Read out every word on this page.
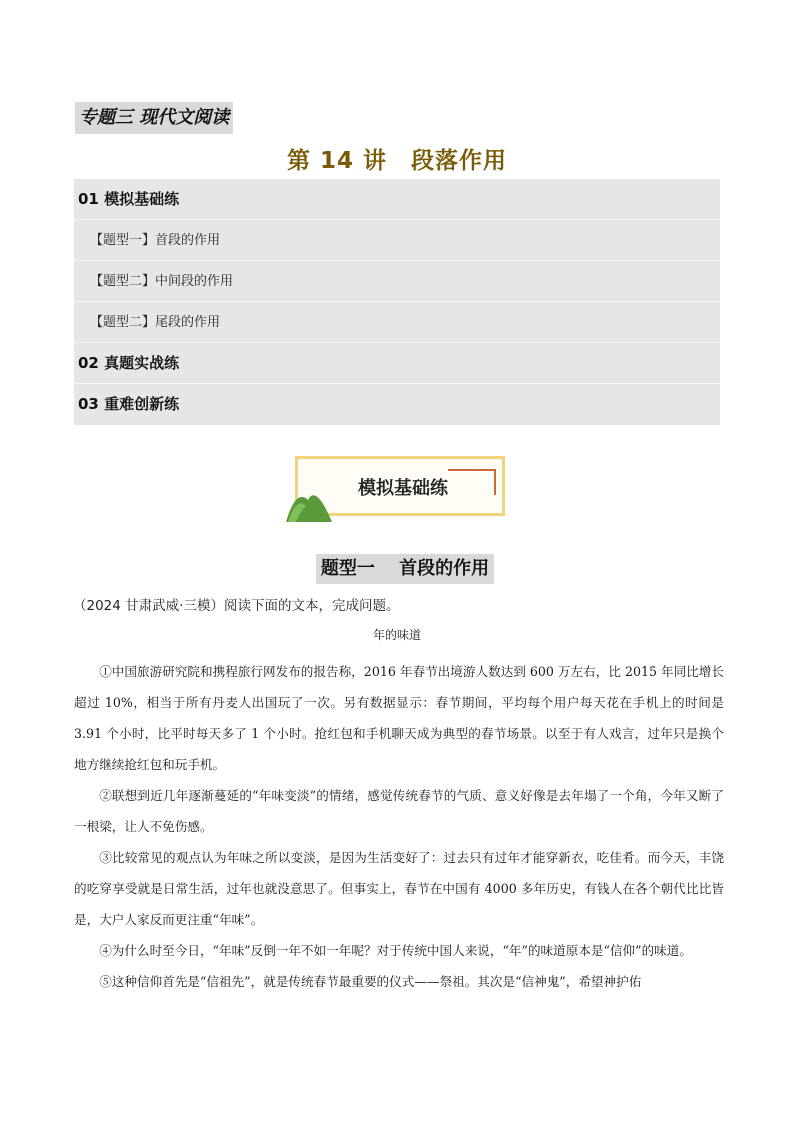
专题三 现代文阅读
第 14 讲　段落作用
01 模拟基础练
【题型一】首段的作用
【题型二】中间段的作用
【题型二】尾段的作用
02 真题实战练
03 重难创新练
模拟基础练
题型一　 首段的作用
（2024 甘肃武威·三模）阅读下面的文本，完成问题。
年的味道

①中国旅游研究院和携程旅行网发布的报告称，2016 年春节出境游人数达到 600 万左右，比 2015 年同比增长超过 10%，相当于所有丹麦人出国玩了一次。另有数据显示：春节期间，平均每个用户每天花在手机上的时间是 3.91 个小时，比平时每天多了 1 个小时。抢红包和手机聊天成为典型的春节场景。以至于有人戏言，过年只是换个地方继续抢红包和玩手机。

②联想到近几年逐渐蔓延的“年味变淡”的情绪，感觉传统春节的气质、意义好像是去年塌了一个角，今年又断了一根梁，让人不免伤感。

③比较常见的观点认为年味之所以变淡，是因为生活变好了：过去只有过年才能穿新衣，吃佳肴。而今天，丰饶的吃穿享受就是日常生活，过年也就没意思了。但事实上，春节在中国有 4000 多年历史，有钱人在各个朝代比比皆是，大户人家反而更注重“年味”。

④为什么时至今日，“年味”反倒一年不如一年呢？对于传统中国人来说，“年”的味道原本是“信仰”的味道。

⑤这种信仰首先是“信祖先”，就是传统春节最重要的仪式——祭祖。其次是“信神鬼”，希望神护佑
